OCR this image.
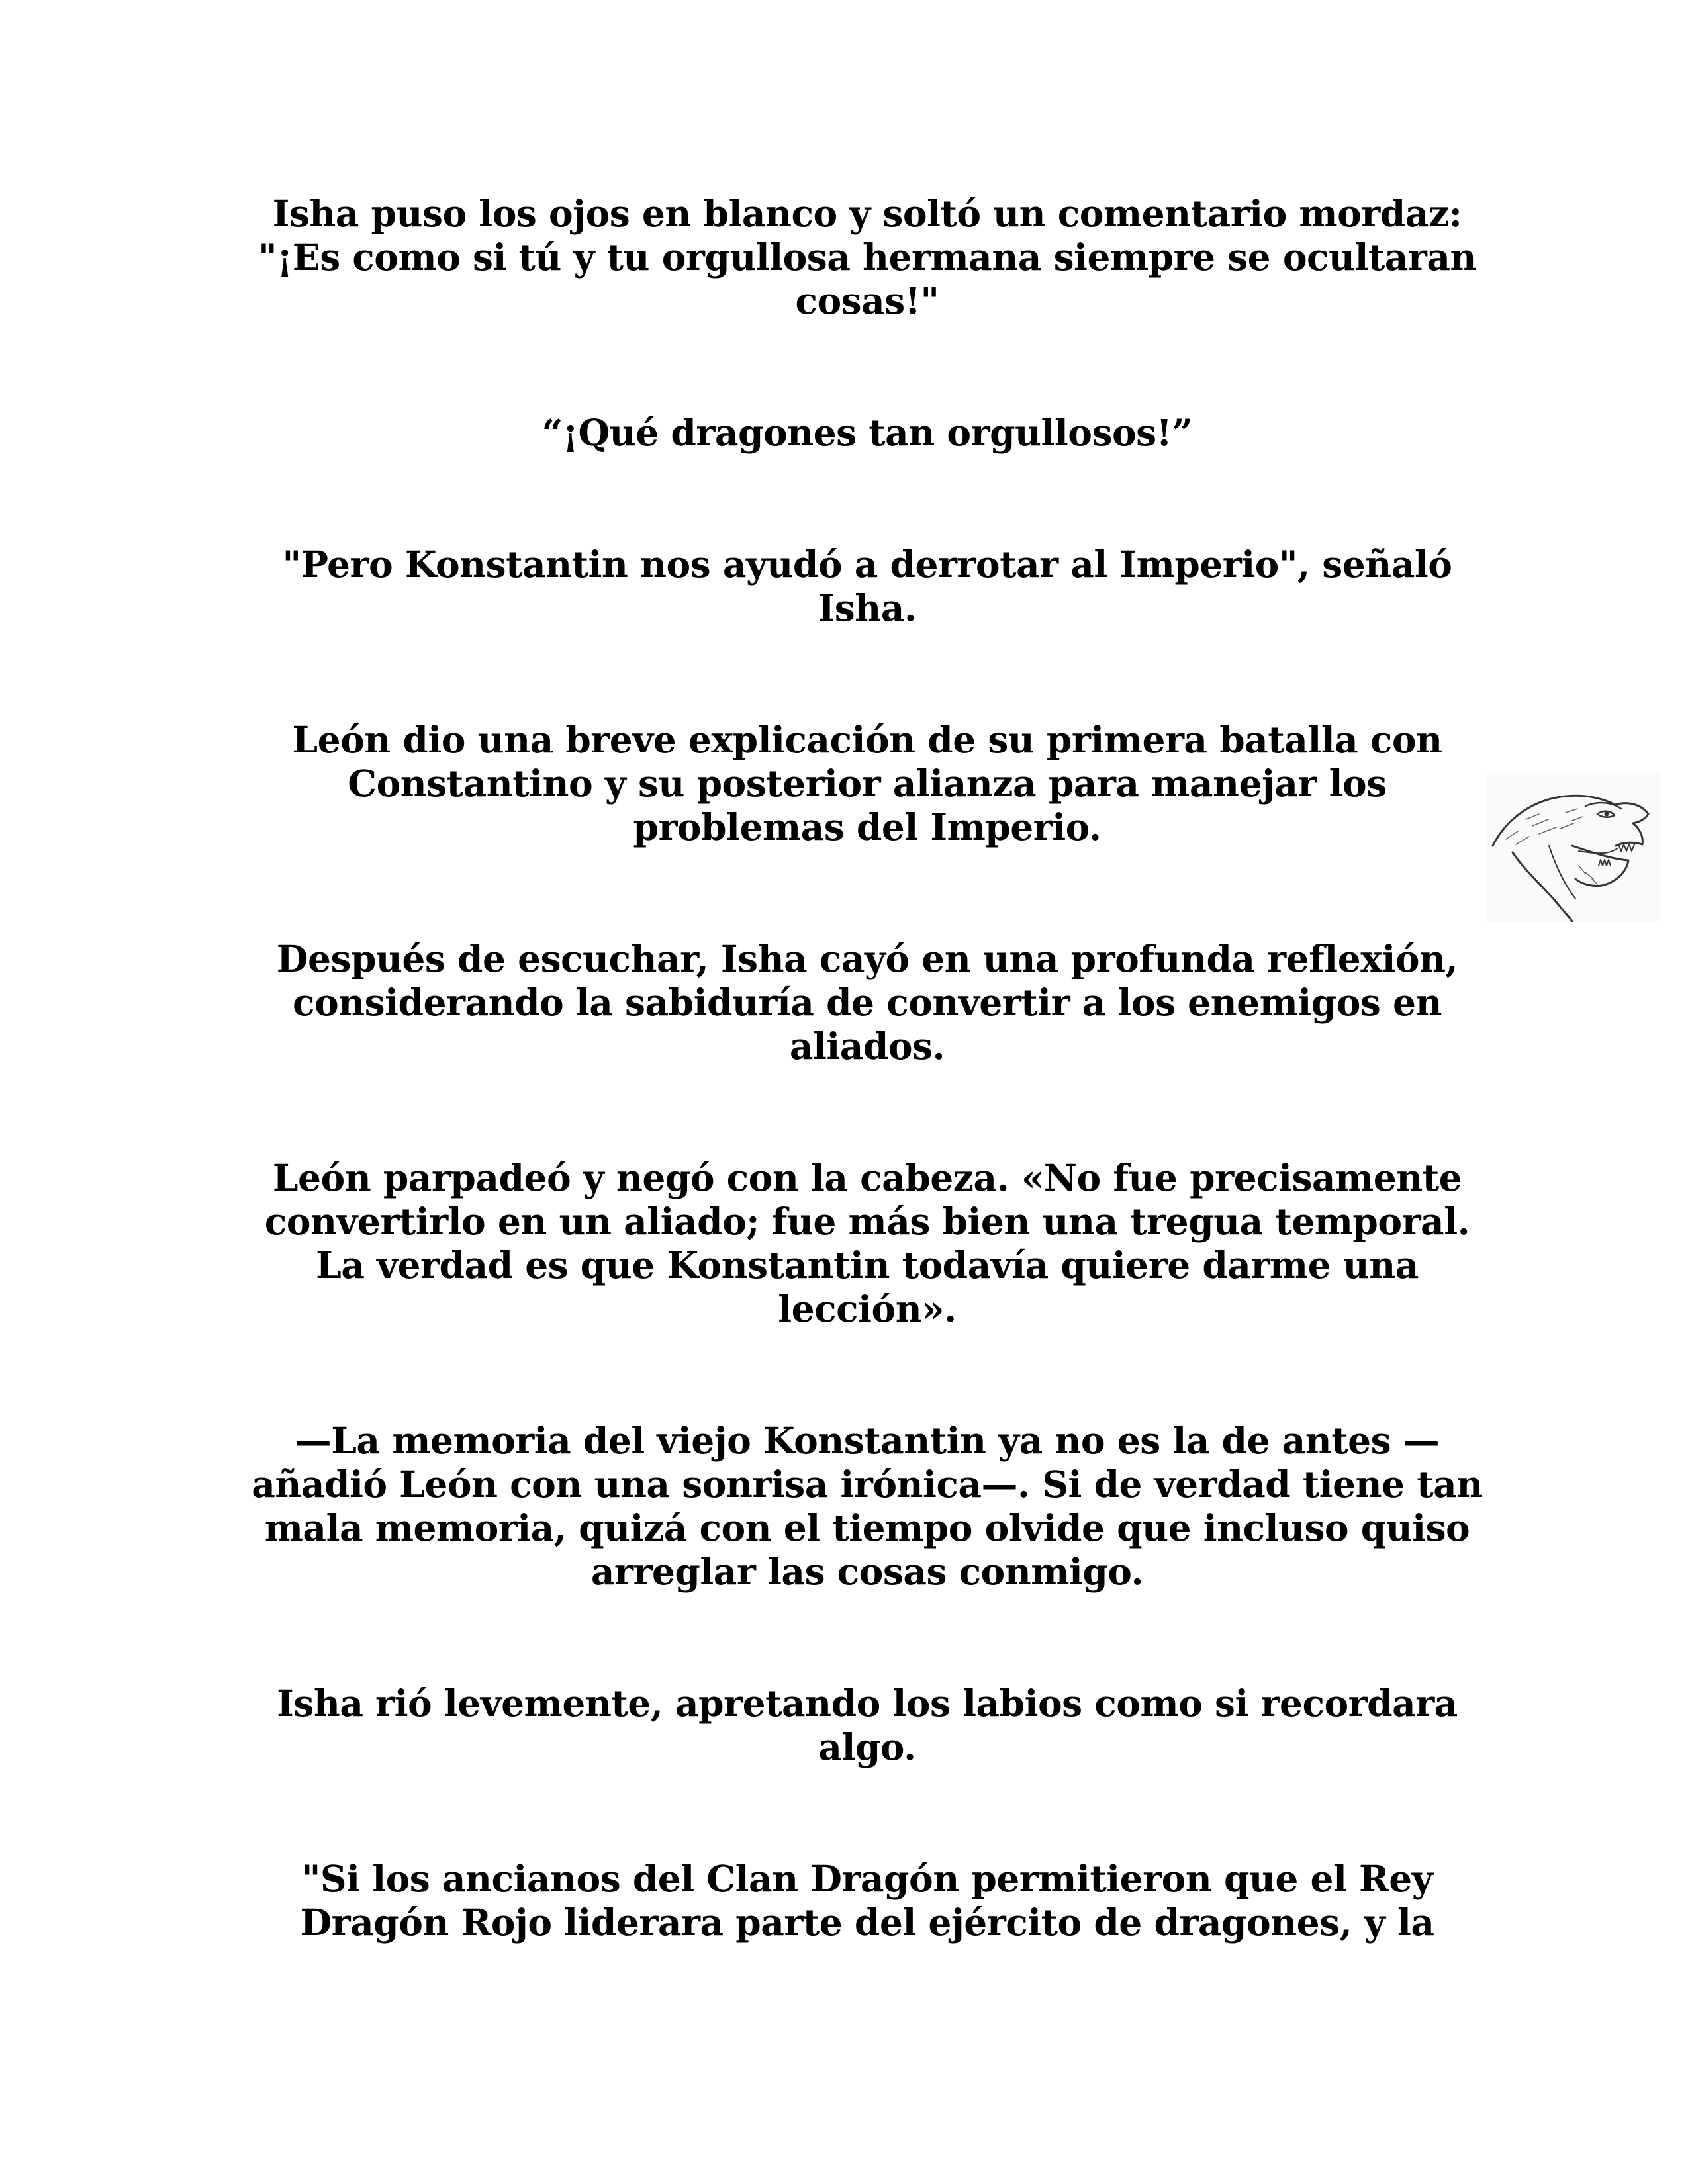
Isha puso los ojos en blanco y soltó un comentario mordaz: "¡Es como si tú y tu orgullosa hermana siempre se ocultaran cosas!"

“¡Qué dragones tan orgullosos!”

"Pero Konstantin nos ayudó a derrotar al Imperio", señaló Isha.

León dio una breve explicación de su primera batalla con Constantino y su posterior alianza para manejar los problemas del Imperio.

Después de escuchar, Isha cayó en una profunda reflexión, considerando la sabiduría de convertir a los enemigos en aliados.

León parpadeó y negó con la cabeza. «No fue precisamente convertirlo en un aliado; fue más bien una tregua temporal. La verdad es que Konstantin todavía quiere darme una lección».

—La memoria del viejo Konstantin ya no es la de antes —añadió León con una sonrisa irónica—. Si de verdad tiene tan mala memoria, quizá con el tiempo olvide que incluso quiso arreglar las cosas conmigo.

Isha rió levemente, apretando los labios como si recordara algo.

"Si los ancianos del Clan Dragón permitieron que el Rey Dragón Rojo liderara parte del ejército de dragones, y la
